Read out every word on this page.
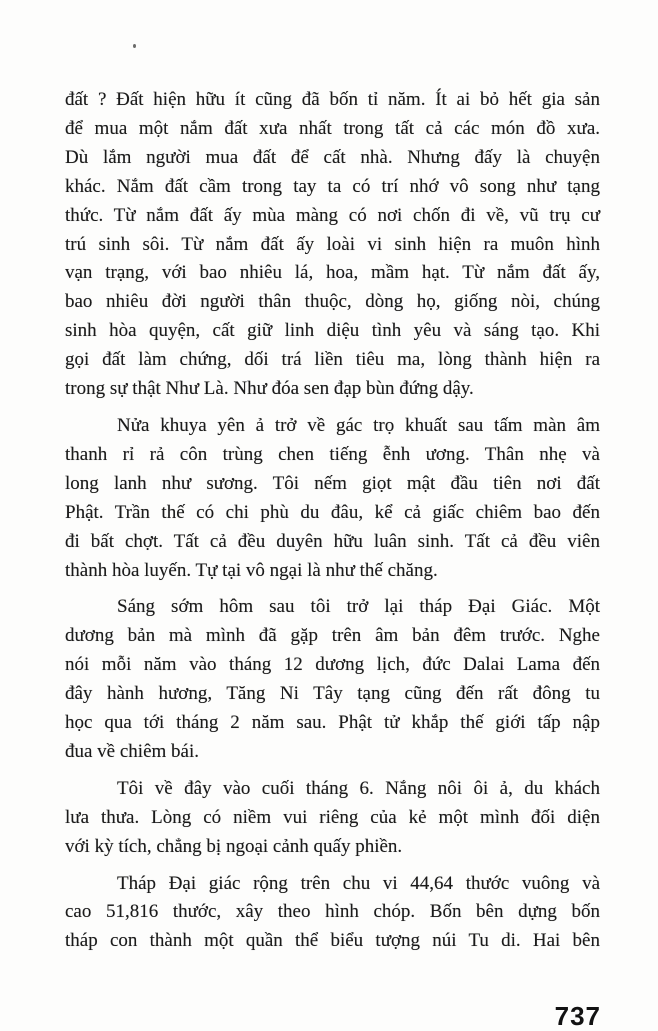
đất ? Đất hiện hữu ít cũng đã bốn tỉ năm. Ít ai bỏ hết gia sản
để mua một nắm đất xưa nhất trong tất cả các món đồ xưa.
Dù lắm người mua đất để cất nhà. Nhưng đấy là chuyện
khác. Nắm đất cầm trong tay ta có trí nhớ vô song như tạng
thức. Từ nắm đất ấy mùa màng có nơi chốn đi về, vũ trụ cư
trú sinh sôi. Từ nắm đất ấy loài vi sinh hiện ra muôn hình
vạn trạng, với bao nhiêu lá, hoa, mầm hạt. Từ nắm đất ấy,
bao nhiêu đời người thân thuộc, dòng họ, giống nòi, chúng
sinh hòa quyện, cất giữ linh diệu tình yêu và sáng tạo. Khi
gọi đất làm chứng, dối trá liền tiêu ma, lòng thành hiện ra
trong sự thật Như Là. Như đóa sen đạp bùn đứng dậy.
Nửa khuya yên ả trở về gác trọ khuất sau tấm màn âm
thanh rỉ rả côn trùng chen tiếng ễnh ương. Thân nhẹ và
long lanh như sương. Tôi nếm giọt mật đầu tiên nơi đất
Phật. Trần thế có chi phù du đâu, kể cả giấc chiêm bao đến
đi bất chợt. Tất cả đều duyên hữu luân sinh. Tất cả đều viên
thành hòa luyến. Tự tại vô ngại là như thế chăng.
Sáng sớm hôm sau tôi trở lại tháp Đại Giác. Một
dương bản mà mình đã gặp trên âm bản đêm trước. Nghe
nói mỗi năm vào tháng 12 dương lịch, đức Dalai Lama đến
đây hành hương, Tăng Ni Tây tạng cũng đến rất đông tu
học qua tới tháng 2 năm sau. Phật tử khắp thế giới tấp nập
đua về chiêm bái.
Tôi về đây vào cuối tháng 6. Nắng nôi ôi ả, du khách
lưa thưa. Lòng có niềm vui riêng của kẻ một mình đối diện
với kỳ tích, chẳng bị ngoại cảnh quấy phiền.
Tháp Đại giác rộng trên chu vi 44,64 thước vuông và
cao 51,816 thước, xây theo hình chóp. Bốn bên dựng bốn
tháp con thành một quần thể biểu tượng núi Tu di. Hai bên
737
